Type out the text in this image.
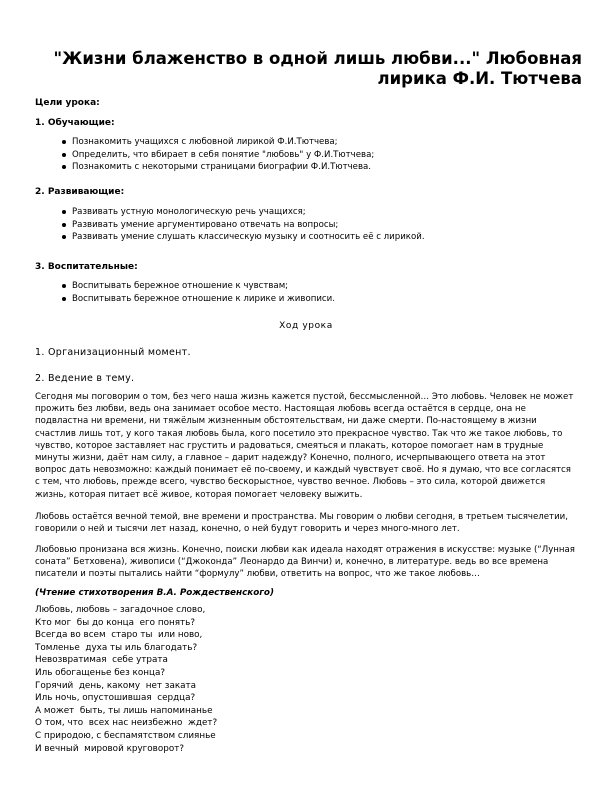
"Жизни блаженство в одной лишь любви..." Любовная лирика Ф.И. Тютчева

Цели урока:

1. Обучающие:

Познакомить учащихся с любовной лирикой Ф.И.Тютчева;
Определить, что вбирает в себя понятие "любовь" у Ф.И.Тютчева;
Познакомить с некоторыми страницами биографии Ф.И.Тютчева.

2. Развивающие:

Развивать устную монологическую речь учащихся;
Развивать умение аргументировано отвечать на вопросы;
Развивать умение слушать классическую музыку и соотносить её с лирикой.

3. Воспитательные:

Воспитывать бережное отношение к чувствам;
Воспитывать бережное отношение к лирике и живописи.

Ход урока

1. Организационный момент.

2. Ведение в тему.

Сегодня мы поговорим о том, без чего наша жизнь кажется пустой, бессмысленной… Это любовь. Человек не может прожить без любви, ведь она занимает особое место. Настоящая любовь всегда остаётся в сердце, она не подвластна ни времени, ни тяжёлым жизненным обстоятельствам, ни даже смерти. По-настоящему в жизни счастлив лишь тот, у кого такая любовь была, кого посетило это прекрасное чувство. Так что же такое любовь, то чувство, которое заставляет нас грустить и радоваться, смеяться и плакать, которое помогает нам в трудные минуты жизни, даёт нам силу, а главное – дарит надежду? Конечно, полного, исчерпывающего ответа на этот вопрос дать невозможно: каждый понимает её по-своему, и каждый чувствует своё. Но я думаю, что все согласятся с тем, что любовь, прежде всего, чувство бескорыстное, чувство вечное. Любовь – это сила, которой движется жизнь, которая питает всё живое, которая помогает человеку выжить.

Любовь остаётся вечной темой, вне времени и пространства. Мы говорим о любви сегодня, в третьем тысячелетии, говорили о ней и тысячи лет назад, конечно, о ней будут говорить и через много-много лет.

Любовью пронизана вся жизнь. Конечно, поиски любви как идеала находят отражения в искусстве: музыке (“Лунная соната” Бетховена), живописи (“Джоконда” Леонардо да Винчи) и, конечно, в литературе. ведь во все времена писатели и поэты пытались найти “формулу” любви, ответить на вопрос, что же такое любовь…

(Чтение стихотворения В.А. Рождественского)

Любовь, любовь – загадочное слово,
Кто мог  бы до конца  его понять?
Всегда во всем  старо ты  или ново,
Томленье  духа ты иль благодать?
Невозвратимая  себе утрата
Иль обогащенье без конца?
Горячий  день, какому  нет заката
Иль ночь, опустошившая  сердца?
А может  быть, ты лишь напоминанье
О том, что  всех нас неизбежно  ждет?
С природою, с беспамятством слиянье
И вечный  мировой круговорот?
